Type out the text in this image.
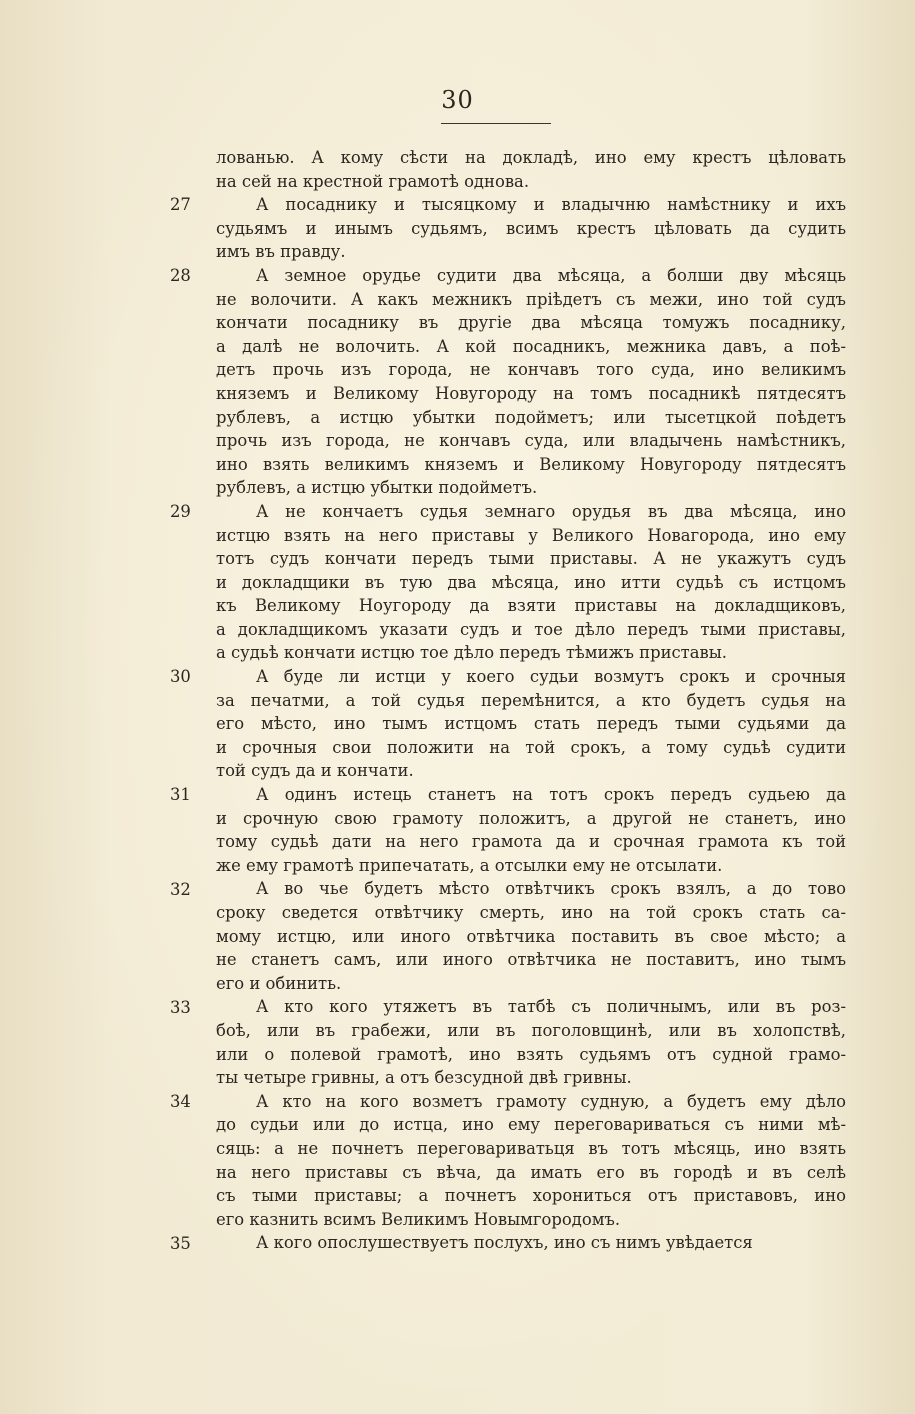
30
27
28
29
30
31
32
33
34
35
лованью. А кому сѣсти на докладѣ, ино ему крестъ цѣловать
на сей на крестной грамотѣ однова.
А посаднику и тысяцкому и владычню намѣстнику и ихъ
судьямъ и инымъ судьямъ, всимъ крестъ цѣловать да судить
имъ въ правду.
А земное орудье судити два мѣсяца, а болши дву мѣсяць
не волочити. А какъ межникъ пріѣдетъ съ межи, ино той судъ
кончати посаднику въ другіе два мѣсяца томужъ посаднику,
а далѣ не волочить. А кой посадникъ, межника давъ, а поѣ-
детъ прочь изъ города, не кончавъ того суда, ино великимъ
княземъ и Великому Новугороду на томъ посадникѣ пятдесятъ
рублевъ, а истцю убытки подойметъ; или тысетцкой поѣдетъ
прочь изъ города, не кончавъ суда, или владычень намѣстникъ,
ино взять великимъ княземъ и Великому Новугороду пятдесятъ
рублевъ, а истцю убытки подойметъ.
А не кончаетъ судья земнаго орудья въ два мѣсяца, ино
истцю взять на него приставы у Великого Новагорода, ино ему
тотъ судъ кончати передъ тыми приставы. А не укажутъ судъ
и докладщики въ тую два мѣсяца, ино итти судьѣ съ истцомъ
къ Великому Ноугороду да взяти приставы на докладщиковъ,
а докладщикомъ указати судъ и тое дѣло передъ тыми приставы,
а судьѣ кончати истцю тое дѣло передъ тѣмижъ приставы.
А буде ли истци у коего судьи возмутъ срокъ и срочныя
за печатми, а той судья перемѣнится, а кто будетъ судья на
его мѣсто, ино тымъ истцомъ стать передъ тыми судьями да
и срочныя свои положити на той срокъ, а тому судьѣ судити
той судъ да и кончати.
А одинъ истець станетъ на тотъ срокъ передъ судьею да
и срочную свою грамоту положитъ, а другой не станетъ, ино
тому судьѣ дати на него грамота да и срочная грамота къ той
же ему грамотѣ припечатать, а отсылки ему не отсылати.
А во чье будетъ мѣсто отвѣтчикъ срокъ взялъ, а до тово
сроку сведется отвѣтчику смерть, ино на той срокъ стать са-
мому истцю, или иного отвѣтчика поставить въ свое мѣсто; а
не станетъ самъ, или иного отвѣтчика не поставитъ, ино тымъ
его и обинить.
А кто кого утяжетъ въ татбѣ съ поличнымъ, или въ роз-
боѣ, или въ грабежи, или въ поголовщинѣ, или въ холопствѣ,
или о полевой грамотѣ, ино взять судьямъ отъ судной грамо-
ты четыре гривны, а отъ безсудной двѣ гривны.
А кто на кого возметъ грамоту судную, а будетъ ему дѣло
до судьи или до истца, ино ему переговариваться съ ними мѣ-
сяць: а не почнетъ переговариватьця въ тотъ мѣсяць, ино взять
на него приставы съ вѣча, да имать его въ городѣ и въ селѣ
съ тыми приставы; а почнетъ хорониться отъ приставовъ, ино
его казнить всимъ Великимъ Новымгородомъ.
А кого опослушествуетъ послухъ, ино съ нимъ увѣдается
